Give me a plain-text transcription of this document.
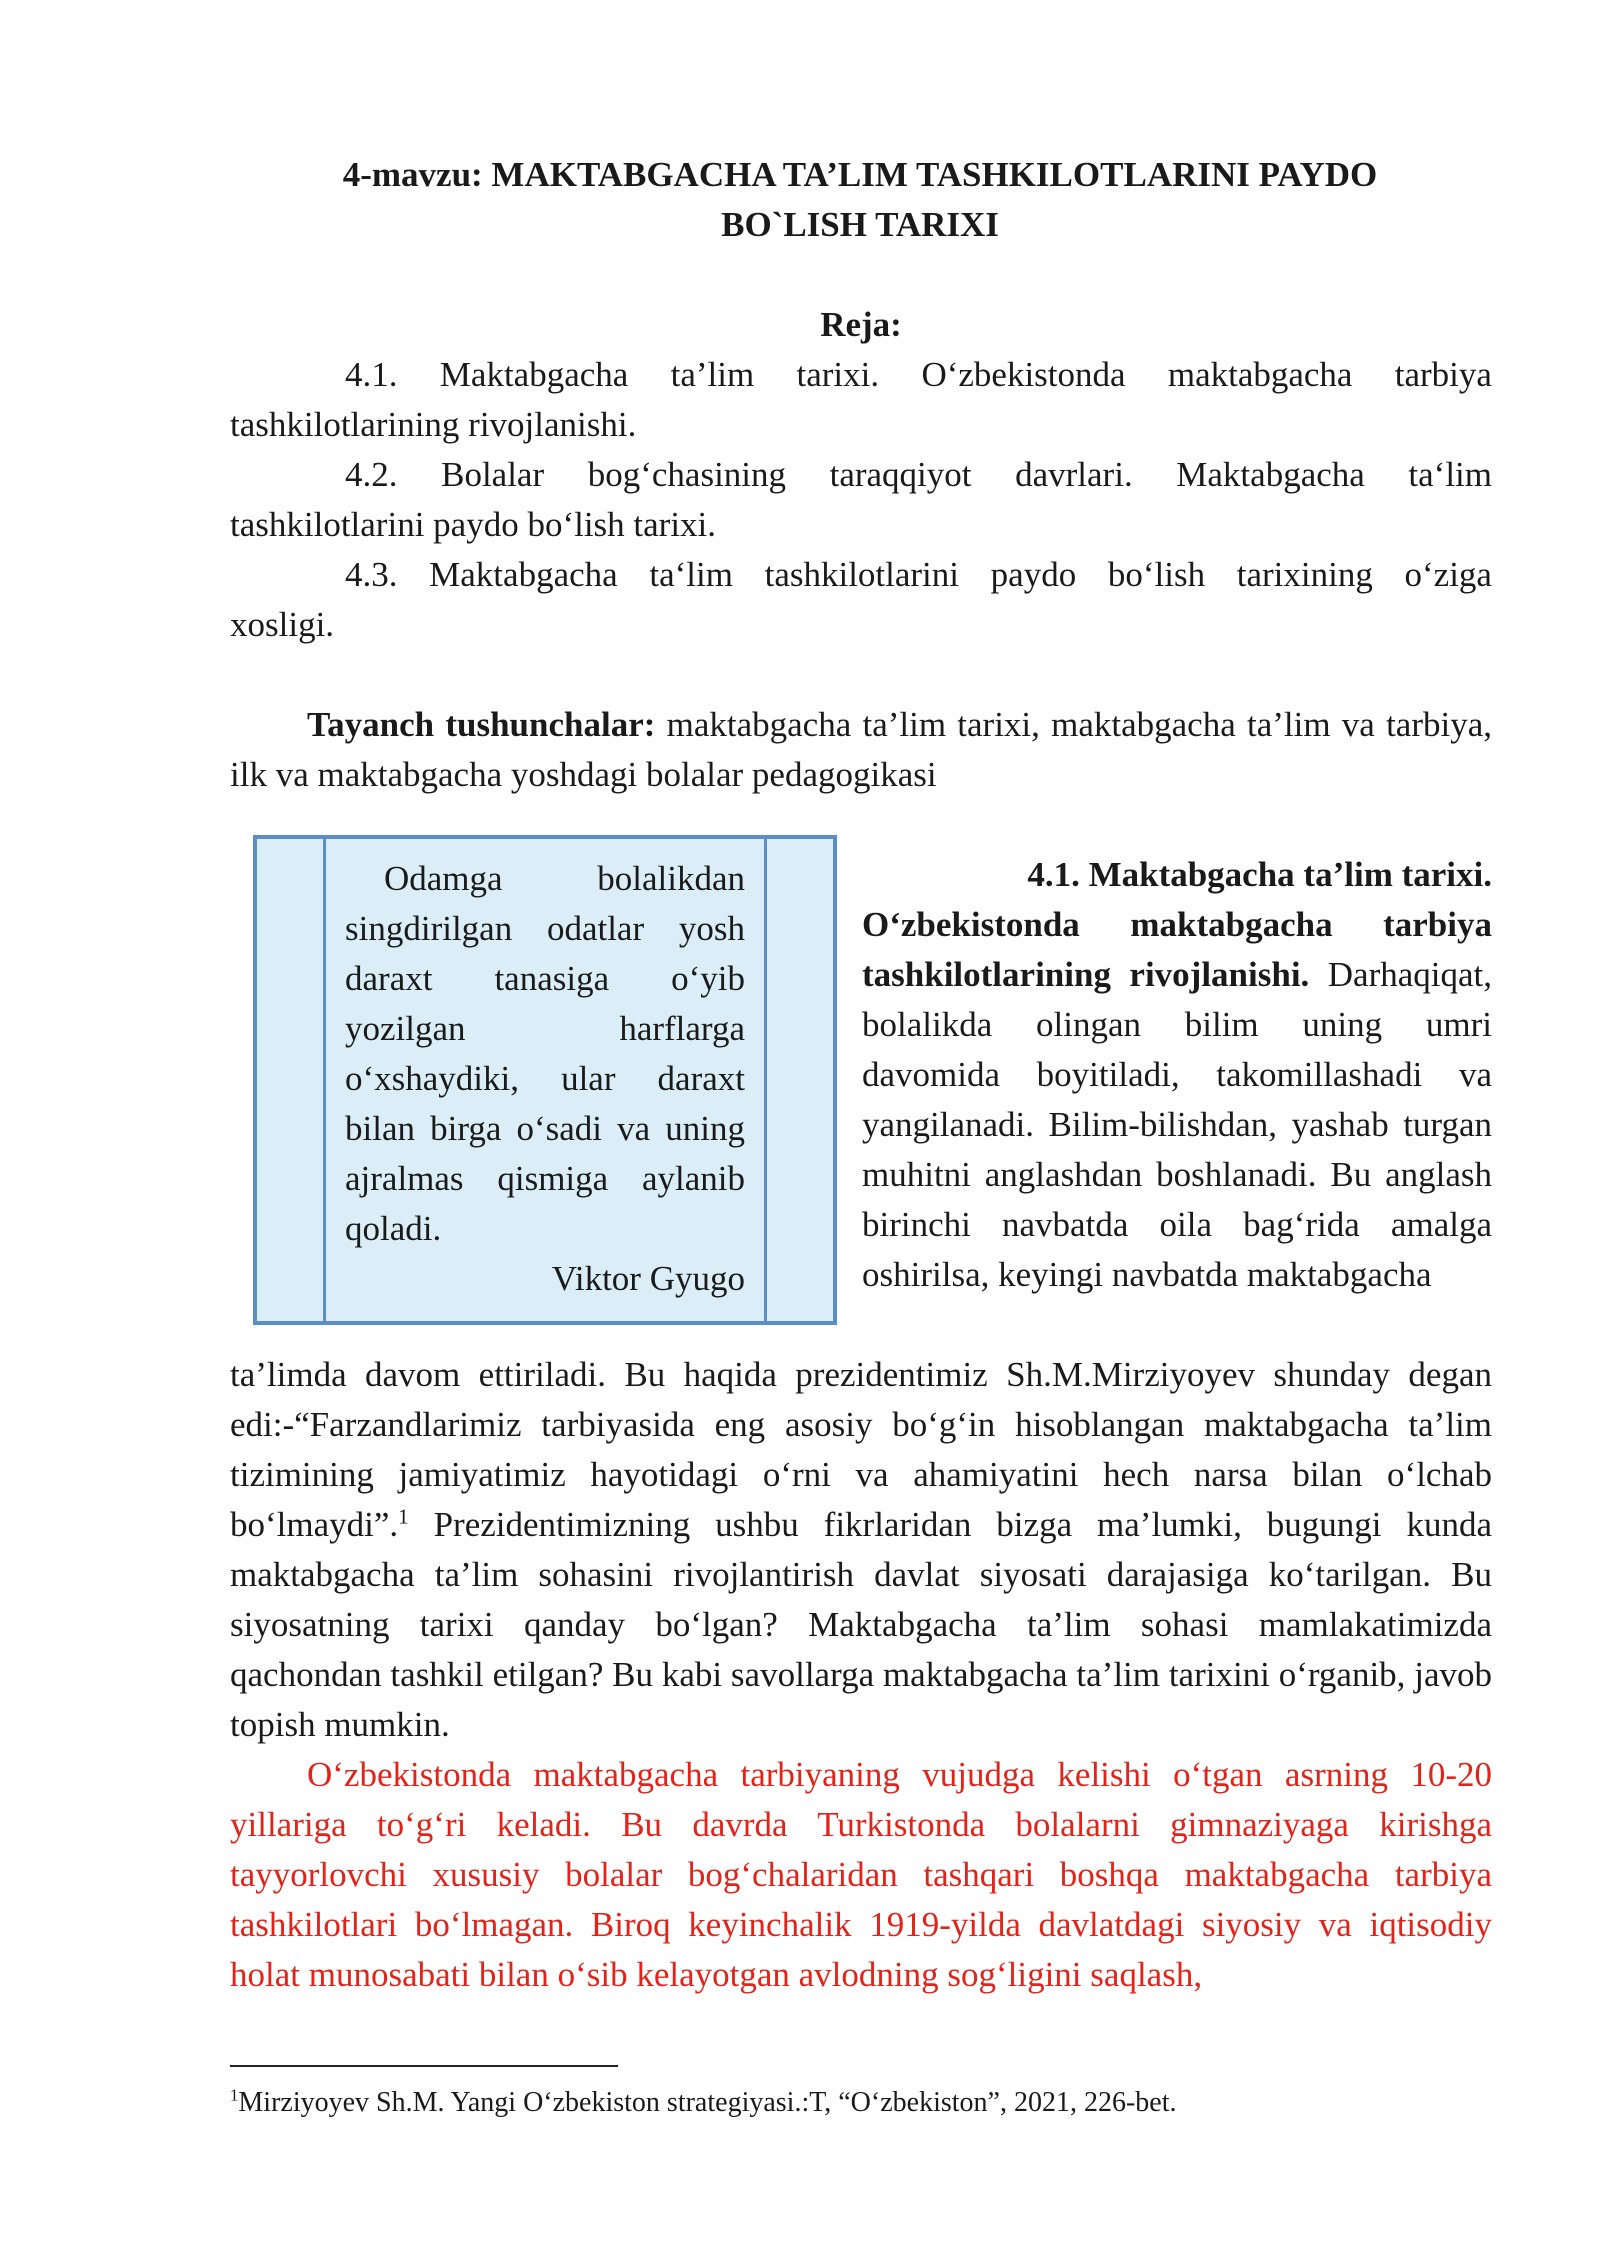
4-mavzu: MAKTABGACHA TA’LIM TASHKILOTLARINI PAYDO
BO`LISH TARIXI
Reja:
4.1. Maktabgacha ta’lim tarixi. O‘zbekistonda maktabgacha tarbiya
tashkilotlarining rivojlanishi.
4.2. Bolalar bog‘chasining taraqqiyot davrlari. Maktabgacha ta‘lim
tashkilotlarini paydo bo‘lish tarixi.
4.3. Maktabgacha ta‘lim tashkilotlarini paydo bo‘lish tarixining o‘ziga
xosligi.
Tayanch tushunchalar: maktabgacha ta’lim tarixi, maktabgacha ta’lim va tarbiya, ilk va maktabgacha yoshdagi bolalar pedagogikasi
Odamga bolalikdan singdirilgan odatlar yosh daraxt tanasiga o‘yib yozilgan harflarga o‘xshaydiki, ular daraxt bilan birga o‘sadi va uning ajralmas qismiga aylanib qoladi.
Viktor Gyugo
4.1. Maktabgacha ta’lim tarixi.
O‘zbekistonda maktabgacha tarbiya tashkilotlarining rivojlanishi. Darhaqiqat, bolalikda olingan bilim uning umri davomida boyitiladi, takomillashadi va yangilanadi. Bilim-bilishdan, yashab turgan muhitni anglashdan boshlanadi. Bu anglash birinchi navbatda oila bag‘rida amalga oshirilsa, keyingi navbatda maktabgacha
ta’limda davom ettiriladi. Bu haqida prezidentimiz Sh.M.Mirziyoyev shunday degan edi:-“Farzandlarimiz tarbiyasida eng asosiy bo‘g‘in hisoblangan maktabgacha ta’lim tizimining jamiyatimiz hayotidagi o‘rni va ahamiyatini hech narsa bilan o‘lchab bo‘lmaydi”.$^1$ Prezidentimizning ushbu fikrlaridan bizga ma’lumki, bugungi kunda maktabgacha ta’lim sohasini rivojlantirish davlat siyosati darajasiga ko‘tarilgan. Bu siyosatning tarixi qanday bo‘lgan? Maktabgacha ta’lim sohasi mamlakatimizda qachondan tashkil etilgan? Bu kabi savollarga maktabgacha ta’lim tarixini o‘rganib, javob topish mumkin.
O‘zbekistonda maktabgacha tarbiyaning vujudga kelishi o‘tgan asrning 10-20 yillariga to‘g‘ri keladi. Bu davrda Turkistonda bolalarni gimnaziyaga kirishga tayyorlovchi xususiy bolalar bog‘chalaridan tashqari boshqa maktabgacha tarbiya tashkilotlari bo‘lmagan. Biroq keyinchalik 1919-yilda davlatdagi siyosiy va iqtisodiy holat munosabati bilan o‘sib kelayotgan avlodning sog‘ligini saqlash,
$^1$Mirziyoyev Sh.M. Yangi O‘zbekiston strategiyasi.:T, “O‘zbekiston”, 2021, 226-bet.
